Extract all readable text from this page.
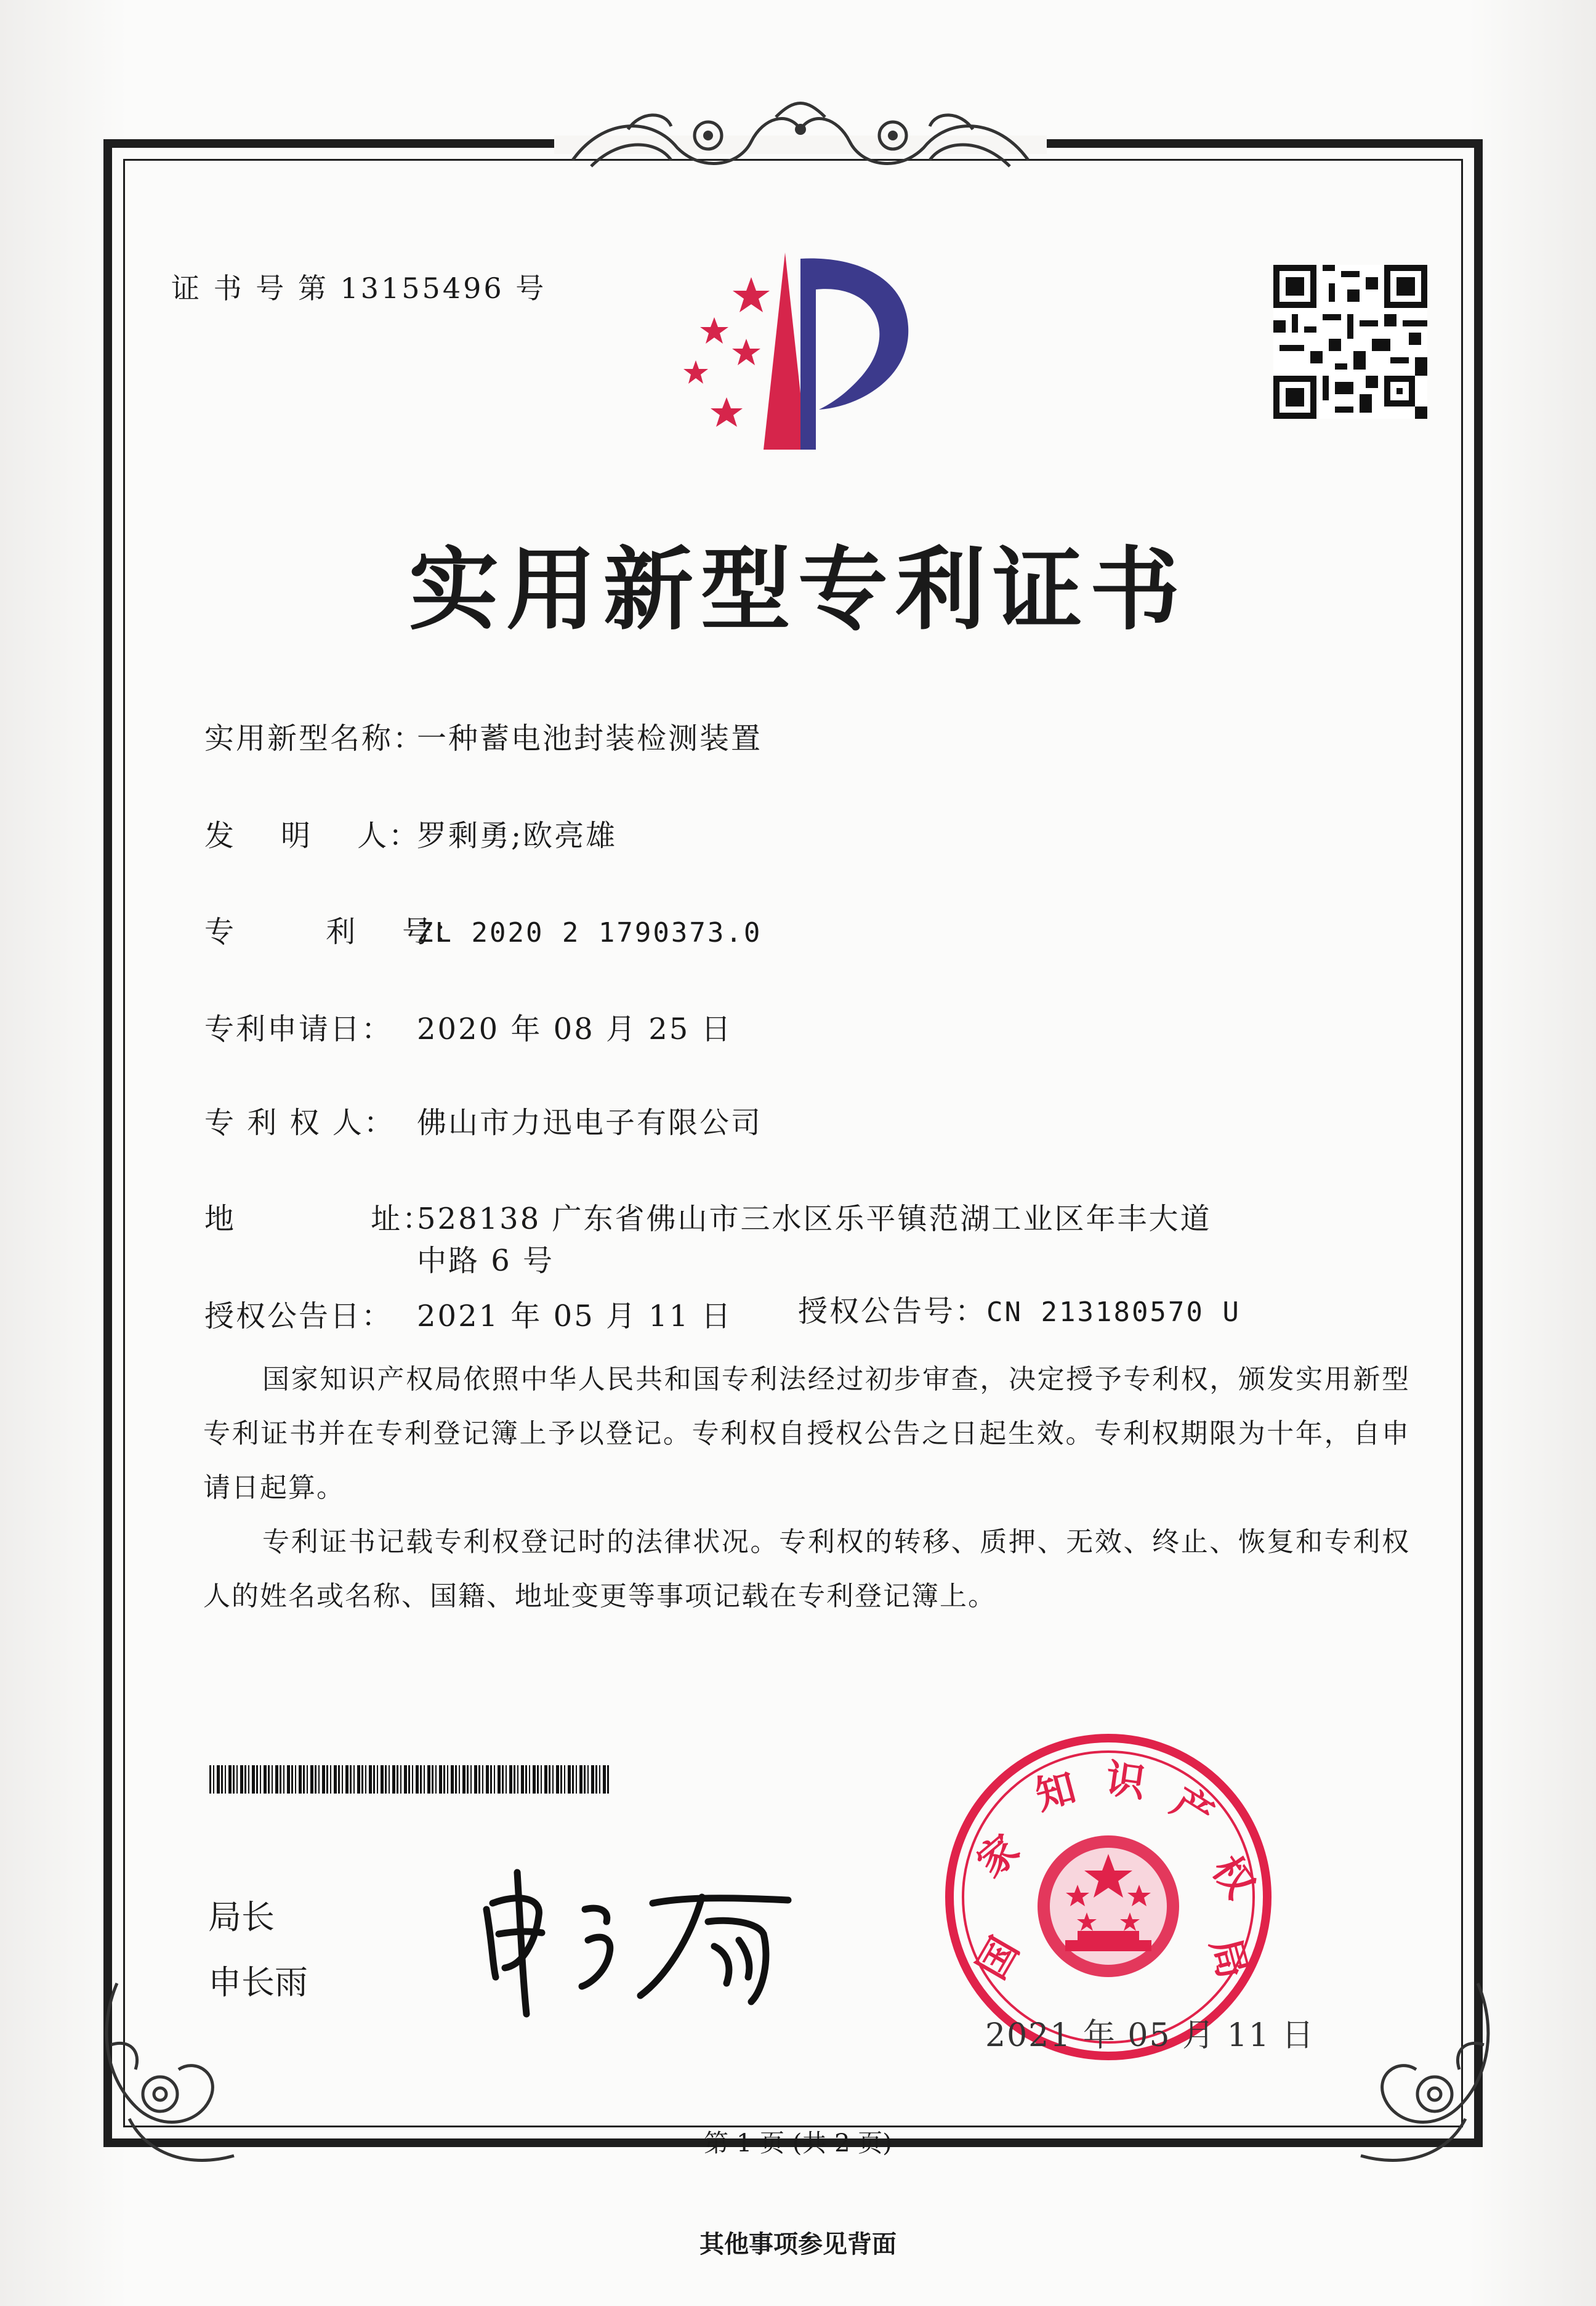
证 书 号 第 13155496 号
实用新型专利证书
实用新型名称：一种蓄电池封装检测装置
发    明    人：罗剩勇;欧亮雄
专        利    号：ZL 2020 2 1790373.0
专利申请日： 2020 年 08 月 25 日
专 利 权 人： 佛山市力迅电子有限公司
地            址：528138 广东省佛山市三水区乐平镇范湖工业区年丰大道
中路 6 号
授权公告日： 2021 年 05 月 11 日 授权公告号：CN 213180570 U

国家知识产权局依照中华人民共和国专利法经过初步审查，决定授予专利权，颁发实用新型专利证书并在专利登记簿上予以登记。专利权自授权公告之日起生效。专利权期限为十年，自申请日起算。

专利证书记载专利权登记时的法律状况。专利权的转移、质押、无效、终止、恢复和专利权人的姓名或名称、国籍、地址变更等事项记载在专利登记簿上。

局长
申长雨	国
家
知 识 产
权
局
2021 年 05 月 11 日
第 1 页 (共 2 页)
其他事项参见背面
